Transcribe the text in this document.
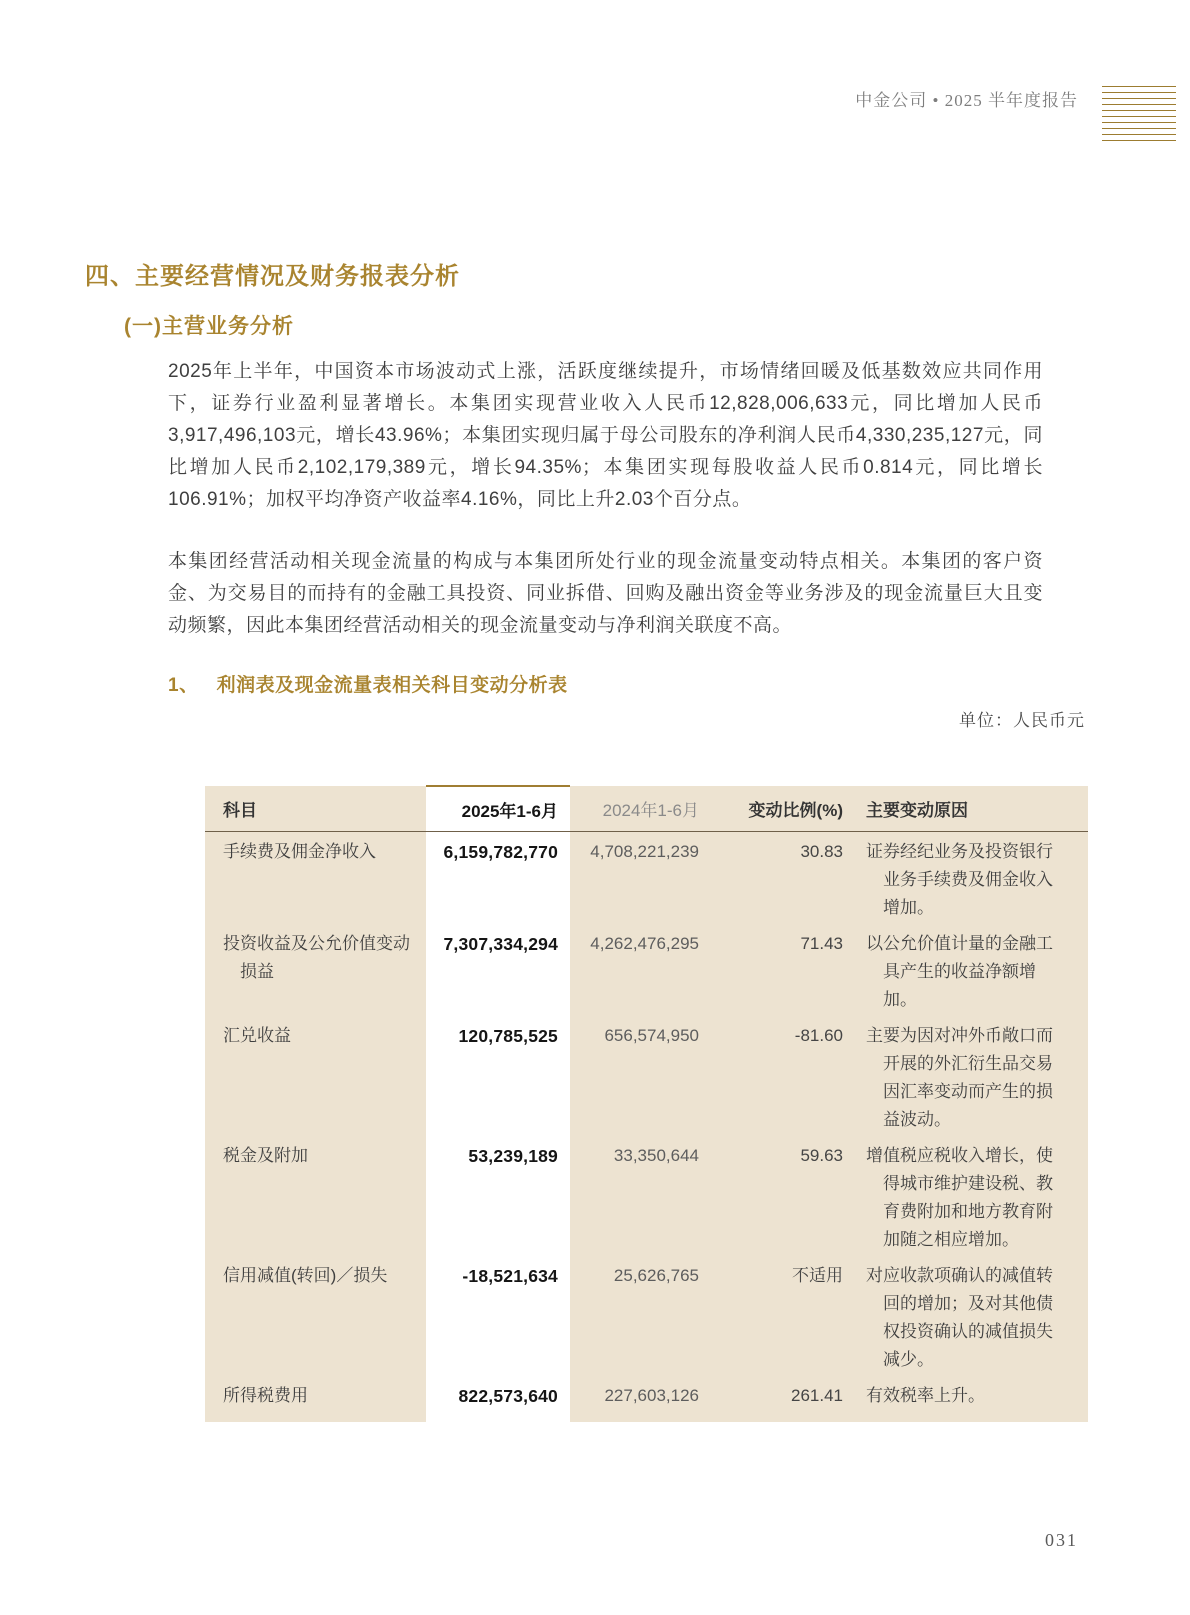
中金公司 • 2025 半年度报告
四、主要经营情况及财务报表分析
(一)主营业务分析
2025年上半年，中国资本市场波动式上涨，活跃度继续提升，市场情绪回暖及低基数效应共同作用下，证券行业盈利显著增长。本集团实现营业收入人民币12,828,006,633元，同比增加人民币3,917,496,103元，增长43.96%；本集团实现归属于母公司股东的净利润人民币4,330,235,127元，同比增加人民币2,102,179,389元，增长94.35%；本集团实现每股收益人民币0.814元，同比增长106.91%；加权平均净资产收益率4.16%，同比上升2.03个百分点。
本集团经营活动相关现金流量的构成与本集团所处行业的现金流量变动特点相关。本集团的客户资金、为交易目的而持有的金融工具投资、同业拆借、回购及融出资金等业务涉及的现金流量巨大且变动频繁，因此本集团经营活动相关的现金流量变动与净利润关联度不高。
1、 利润表及现金流量表相关科目变动分析表
单位：人民币元
科目	2025年1-6月	2024年1-6月	变动比例(%)	主要变动原因

手续费及佣金净收入	6,159,782,770	4,708,221,239	30.83	证券经纪业务及投资银行业务手续费及佣金收入增加。

投资收益及公允价值变动损益	7,307,334,294	4,262,476,295	71.43	以公允价值计量的金融工具产生的收益净额增加。

汇兑收益	120,785,525	656,574,950	-81.60	主要为因对冲外币敞口而开展的外汇衍生品交易因汇率变动而产生的损益波动。

税金及附加	53,239,189	33,350,644	59.63	增值税应税收入增长，使得城市维护建设税、教育费附加和地方教育附加随之相应增加。

信用减值(转回)／损失	-18,521,634	25,626,765	不适用	对应收款项确认的减值转回的增加；及对其他债权投资确认的减值损失减少。

所得税费用	822,573,640	227,603,126	261.41	有效税率上升。
031
